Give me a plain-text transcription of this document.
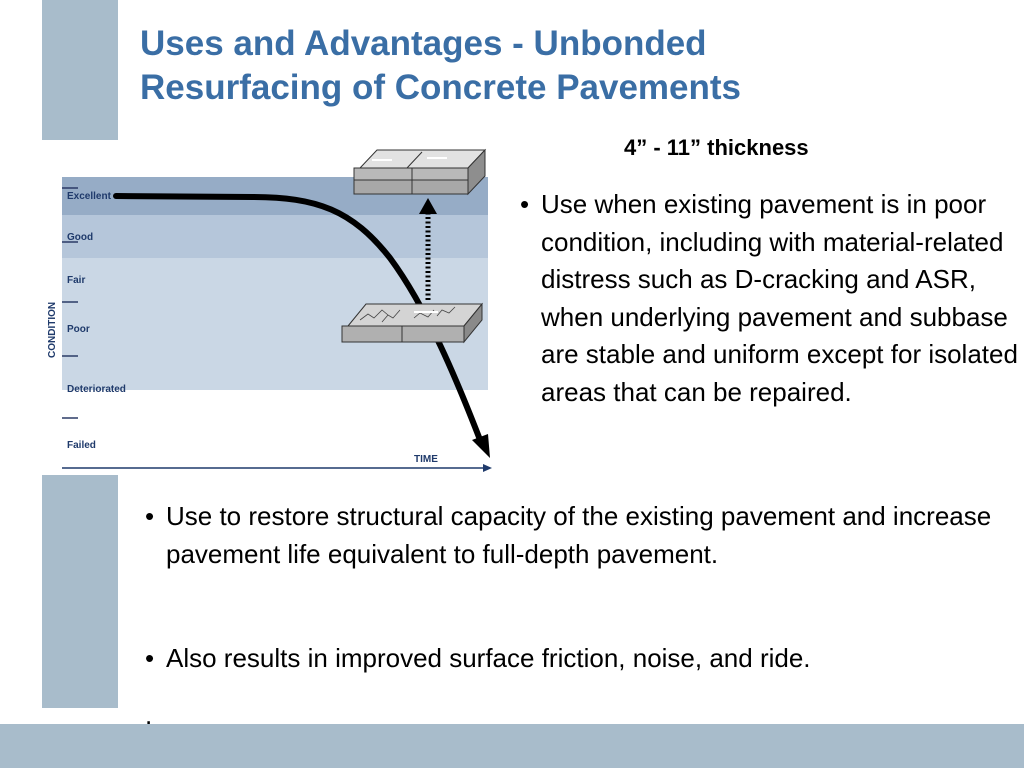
Uses and Advantages - Unbonded
Resurfacing of Concrete Pavements
CONDITION
Excellent
Good
Fair
Poor
Deteriorated
Failed
TIME
4” - 11” thickness
• Use when existing pavement is in poor condition, including with material-related distress such as D-cracking and ASR, when underlying pavement and subbase are stable and uniform except for isolated areas that can be repaired.
• Use to restore structural capacity of the existing pavement and increase pavement life equivalent to full-depth pavement.
• Also results in improved surface friction, noise, and ride.
.
